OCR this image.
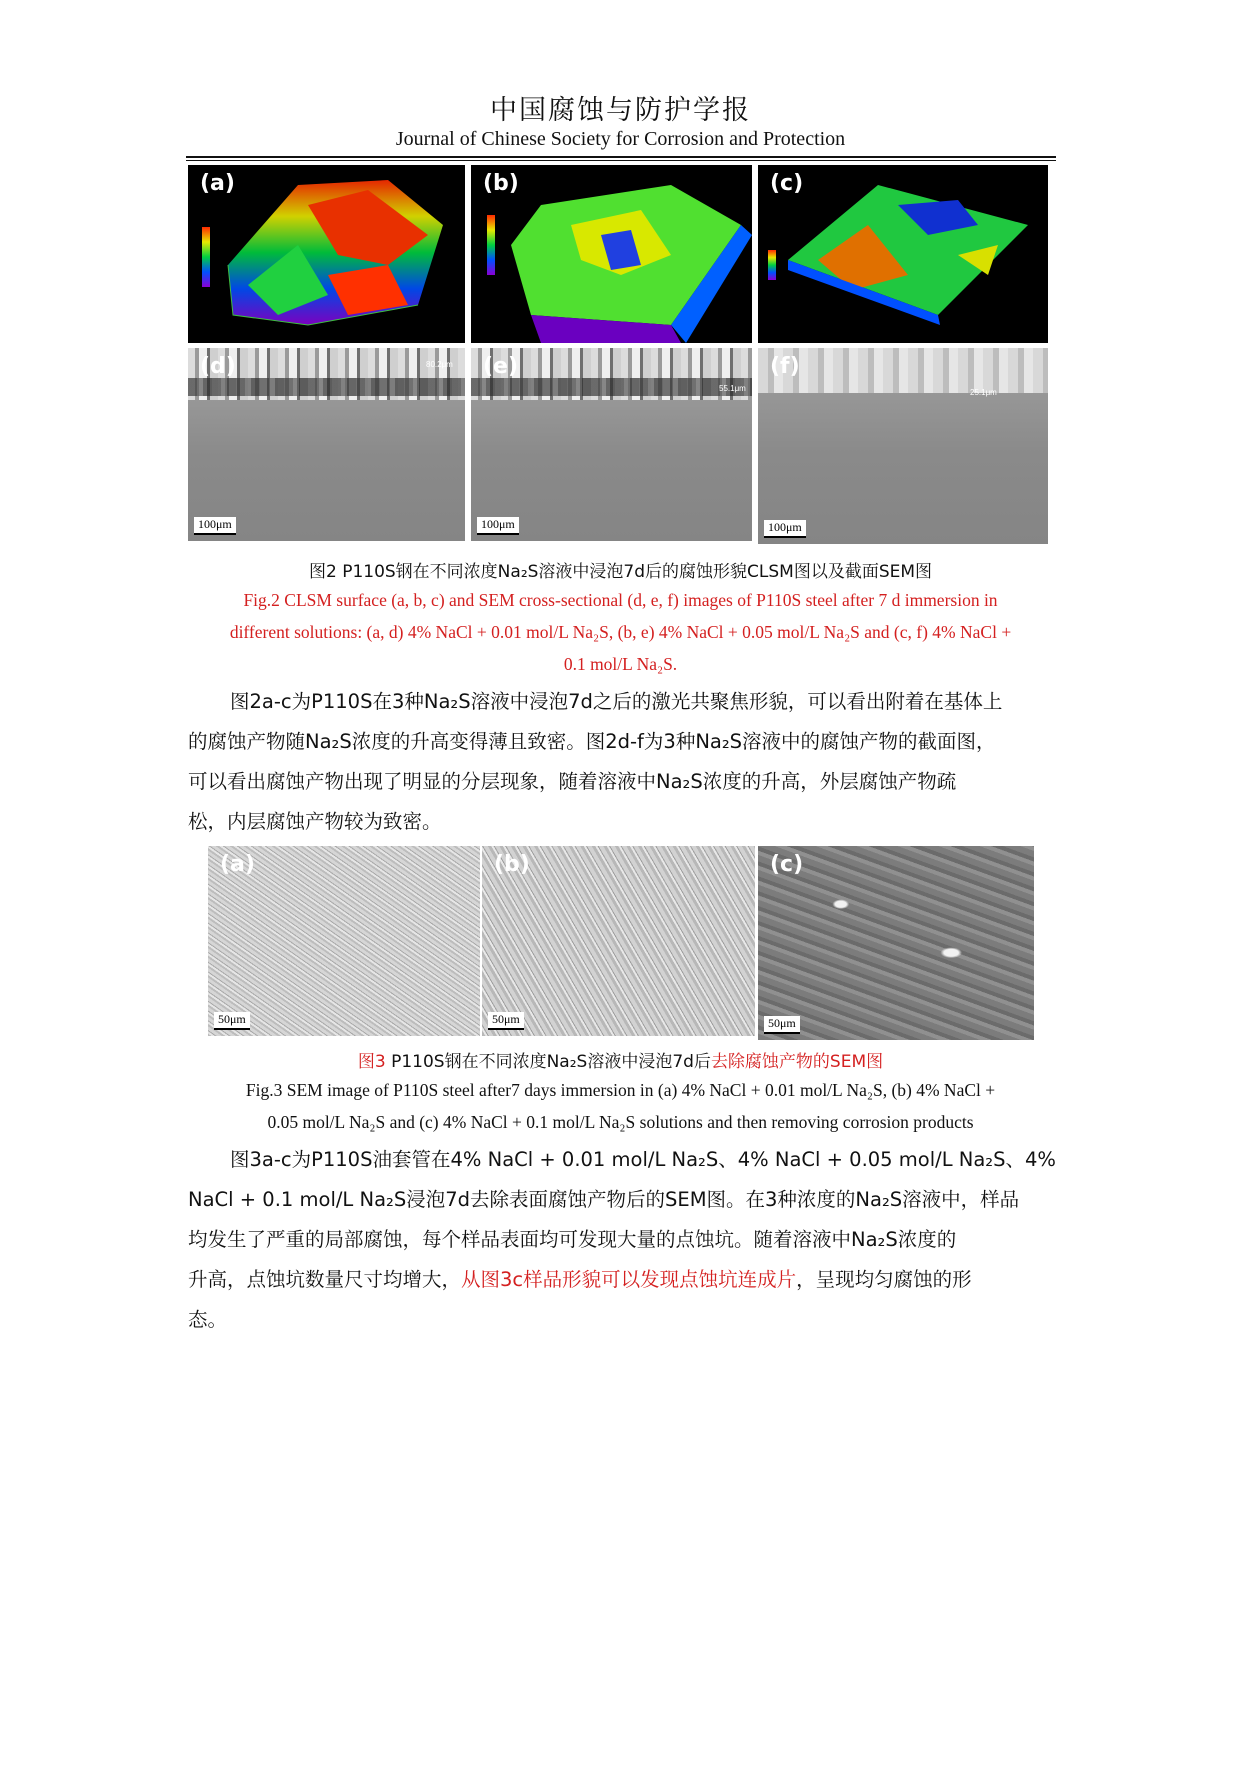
中国腐蚀与防护学报
Journal of Chinese Society for Corrosion and Protection
(a)	(b)	(c)
(d)	80.2μm
100μm
(e)
55.1μm
100μm
(f)
25.1μm
100μm
图2 P110S钢在不同浓度Na₂S溶液中浸泡7d后的腐蚀形貌CLSM图以及截面SEM图
Fig.2 CLSM surface (a, b, c) and SEM cross-sectional (d, e, f) images of P110S steel after 7 d immersion in
different solutions: (a, d) 4% NaCl + 0.01 mol/L Na₂S, (b, e) 4% NaCl + 0.05 mol/L Na₂S and (c, f) 4% NaCl +
0.1 mol/L Na₂S.
图2a-c为P110S在3种Na₂S溶液中浸泡7d之后的激光共聚焦形貌，可以看出附着在基体上
的腐蚀产物随Na₂S浓度的升高变得薄且致密。图2d-f为3种Na₂S溶液中的腐蚀产物的截面图，
可以看出腐蚀产物出现了明显的分层现象，随着溶液中Na₂S浓度的升高，外层腐蚀产物疏
松，内层腐蚀产物较为致密。
(a)
50μm
(b)
50μm
(c)
50μm
图3 P110S钢在不同浓度Na₂S溶液中浸泡7d后去除腐蚀产物的SEM图
Fig.3 SEM image of P110S steel after7 days immersion in (a) 4% NaCl + 0.01 mol/L Na₂S, (b) 4% NaCl +
0.05 mol/L Na₂S and (c) 4% NaCl + 0.1 mol/L Na₂S solutions and then removing corrosion products
图3a-c为P110S油套管在4% NaCl + 0.01 mol/L Na₂S、4% NaCl + 0.05 mol/L Na₂S、4%
NaCl + 0.1 mol/L Na₂S浸泡7d去除表面腐蚀产物后的SEM图。在3种浓度的Na₂S溶液中，样品
均发生了严重的局部腐蚀，每个样品表面均可发现大量的点蚀坑。随着溶液中Na₂S浓度的
升高，点蚀坑数量尺寸均增大，从图3c样品形貌可以发现点蚀坑连成片，呈现均匀腐蚀的形
态。
